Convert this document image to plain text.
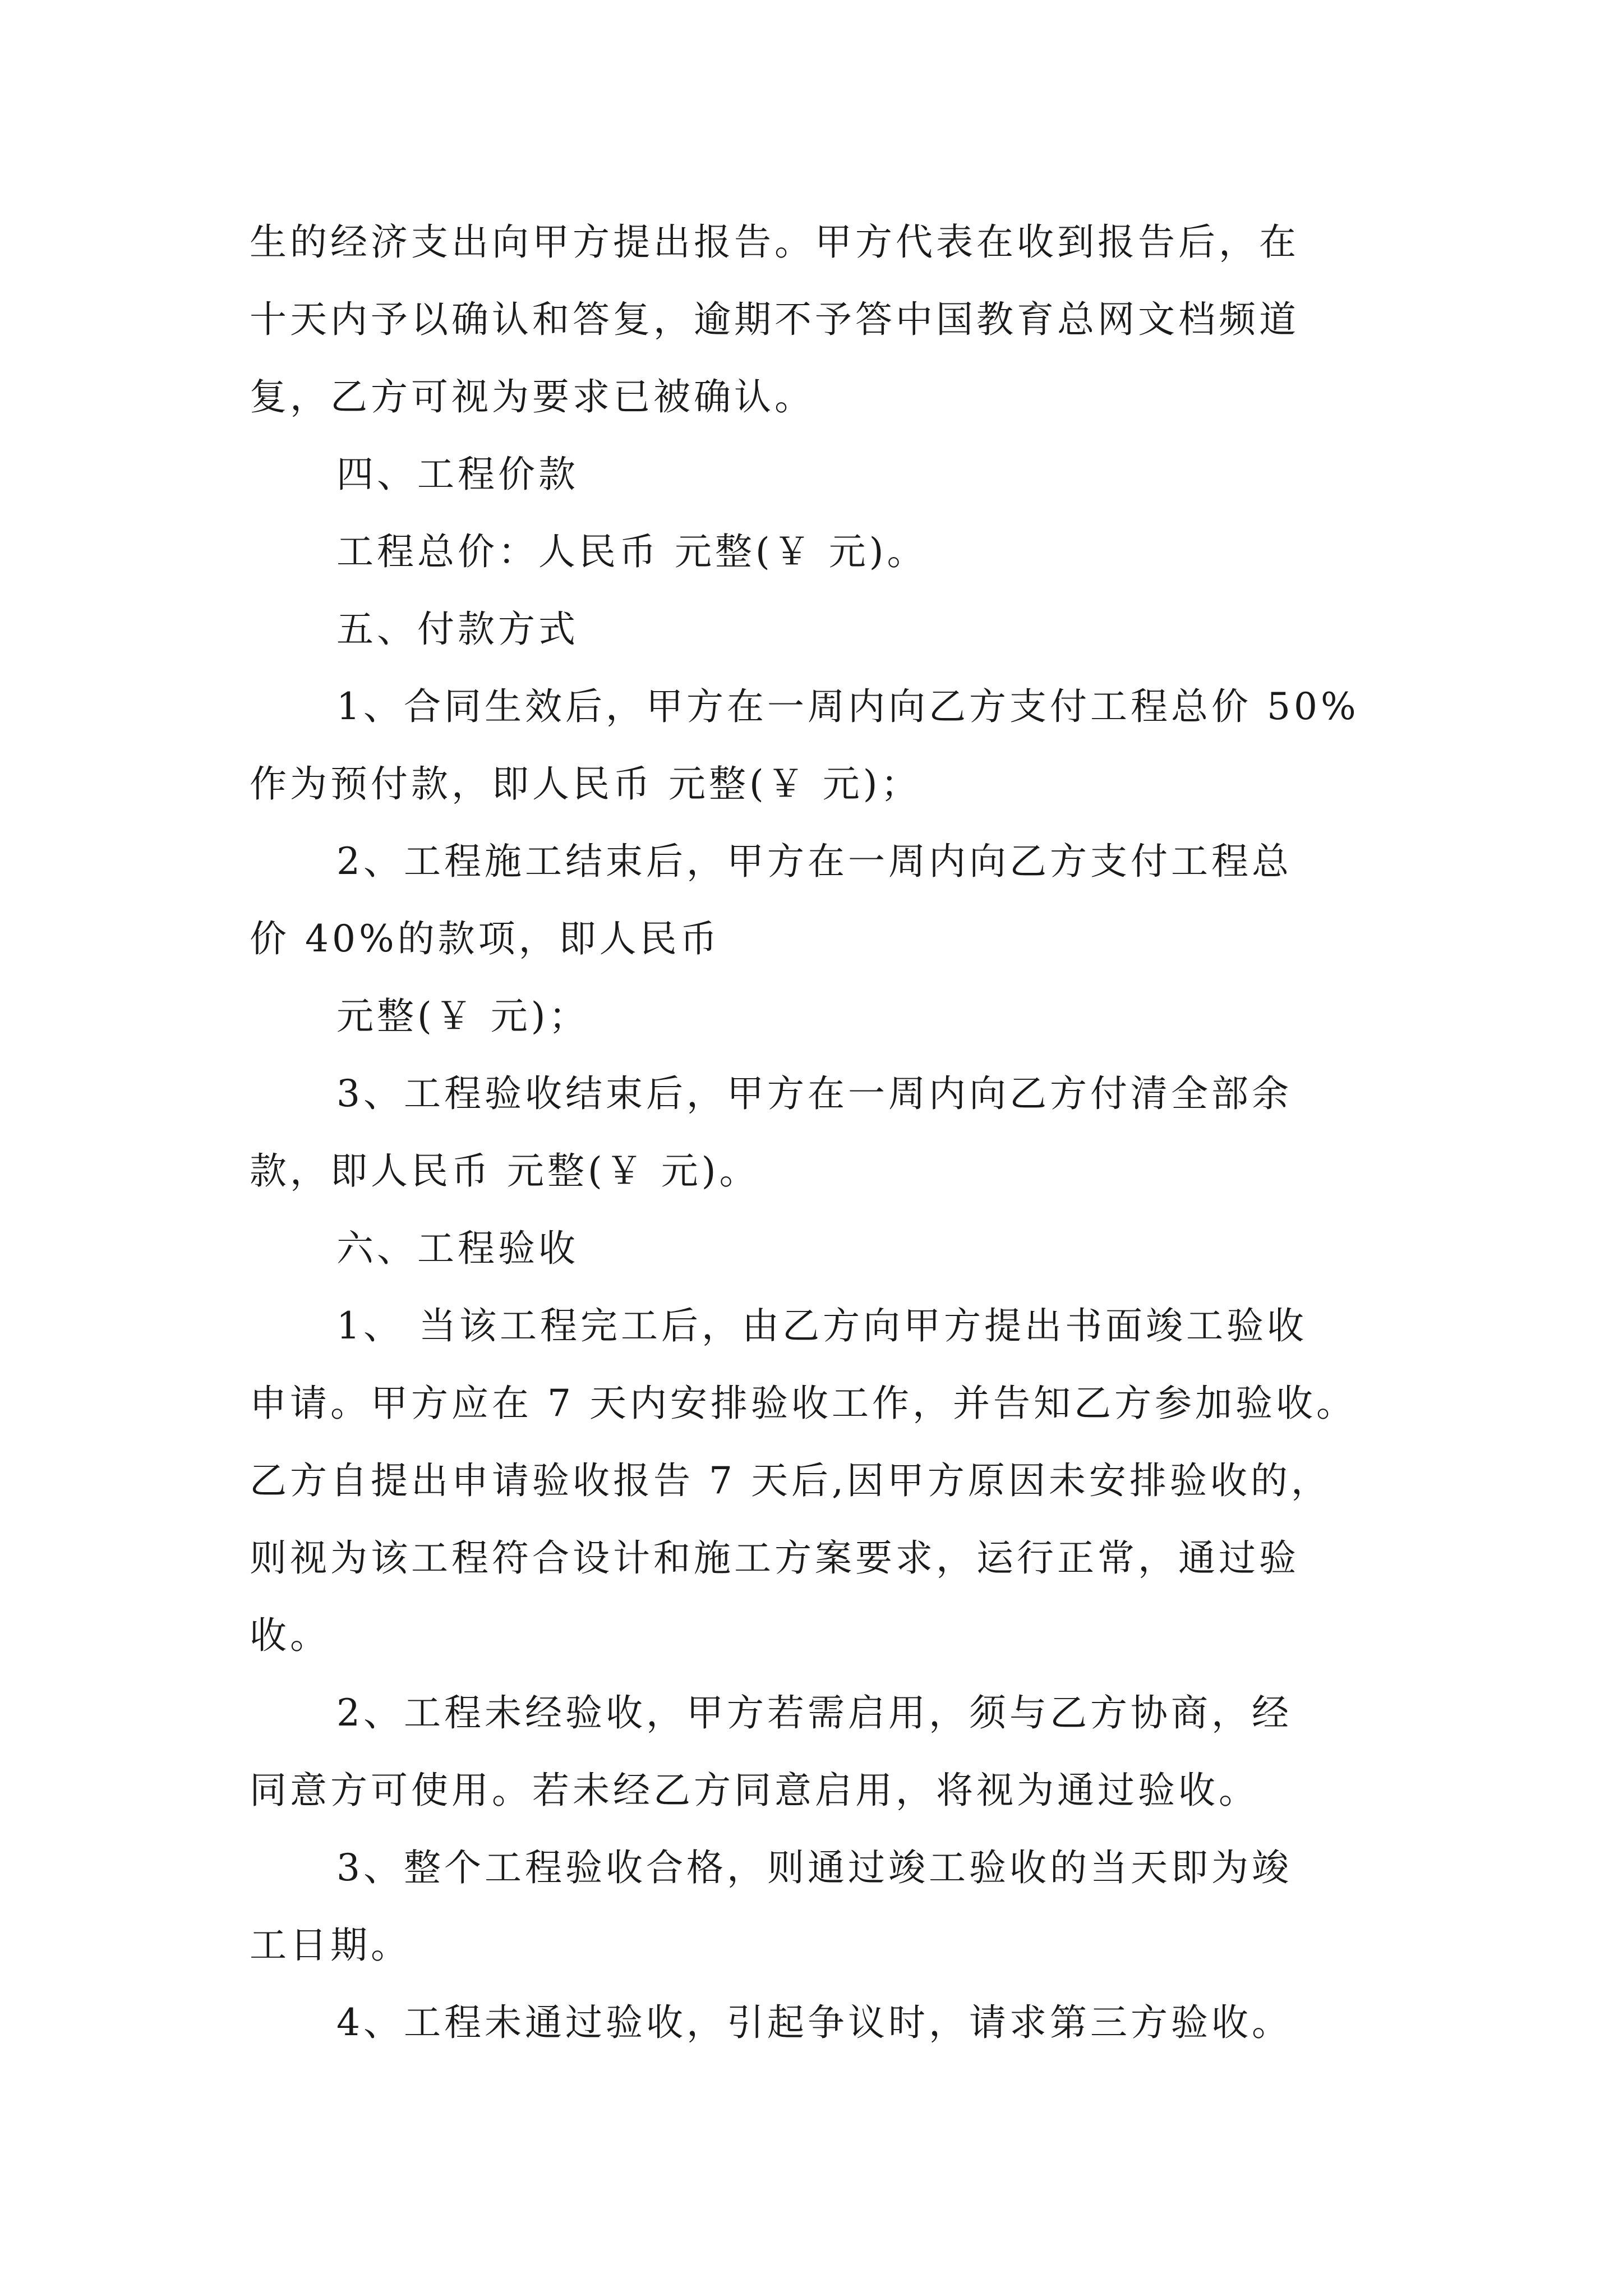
生的经济支出向甲方提出报告。甲方代表在收到报告后，在
十天内予以确认和答复，逾期不予答中国教育总网文档频道
复，乙方可视为要求已被确认。
四、工程价款
工程总价：人民币 元整(￥ 元)。
五、付款方式
1、合同生效后，甲方在一周内向乙方支付工程总价 50%
作为预付款，即人民币 元整(￥ 元)；
2、工程施工结束后，甲方在一周内向乙方支付工程总
价 40%的款项，即人民币
元整(￥ 元)；
3、工程验收结束后，甲方在一周内向乙方付清全部余
款，即人民币 元整(￥ 元)。
六、工程验收
1、 当该工程完工后，由乙方向甲方提出书面竣工验收
申请。甲方应在 7 天内安排验收工作，并告知乙方参加验收。
乙方自提出申请验收报告 7 天后,因甲方原因未安排验收的，
则视为该工程符合设计和施工方案要求，运行正常，通过验
收。
2、工程未经验收，甲方若需启用，须与乙方协商，经
同意方可使用。若未经乙方同意启用，将视为通过验收。
3、整个工程验收合格，则通过竣工验收的当天即为竣
工日期。
4、工程未通过验收，引起争议时，请求第三方验收。
